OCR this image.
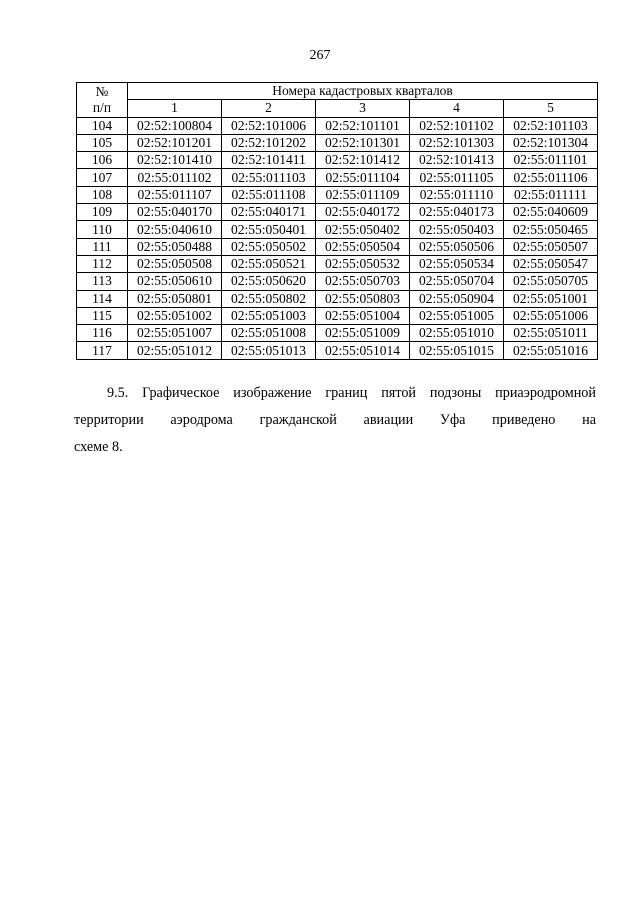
267
№
п/п	Номера кадастровых кварталов				
	1	2	3	4	5
104	02:52:100804	02:52:101006	02:52:101101	02:52:101102	02:52:101103
105	02:52:101201	02:52:101202	02:52:101301	02:52:101303	02:52:101304
106	02:52:101410	02:52:101411	02:52:101412	02:52:101413	02:55:011101
107	02:55:011102	02:55:011103	02:55:011104	02:55:011105	02:55:011106
108	02:55:011107	02:55:011108	02:55:011109	02:55:011110	02:55:011111
109	02:55:040170	02:55:040171	02:55:040172	02:55:040173	02:55:040609
110	02:55:040610	02:55:050401	02:55:050402	02:55:050403	02:55:050465
111	02:55:050488	02:55:050502	02:55:050504	02:55:050506	02:55:050507
112	02:55:050508	02:55:050521	02:55:050532	02:55:050534	02:55:050547
113	02:55:050610	02:55:050620	02:55:050703	02:55:050704	02:55:050705
114	02:55:050801	02:55:050802	02:55:050803	02:55:050904	02:55:051001
115	02:55:051002	02:55:051003	02:55:051004	02:55:051005	02:55:051006
116	02:55:051007	02:55:051008	02:55:051009	02:55:051010	02:55:051011
117	02:55:051012	02:55:051013	02:55:051014	02:55:051015	02:55:051016
9.5. Графическое изображение границ пятой подзоны приаэродромной
территории аэродрома гражданской авиации Уфа приведено на
схеме 8.
